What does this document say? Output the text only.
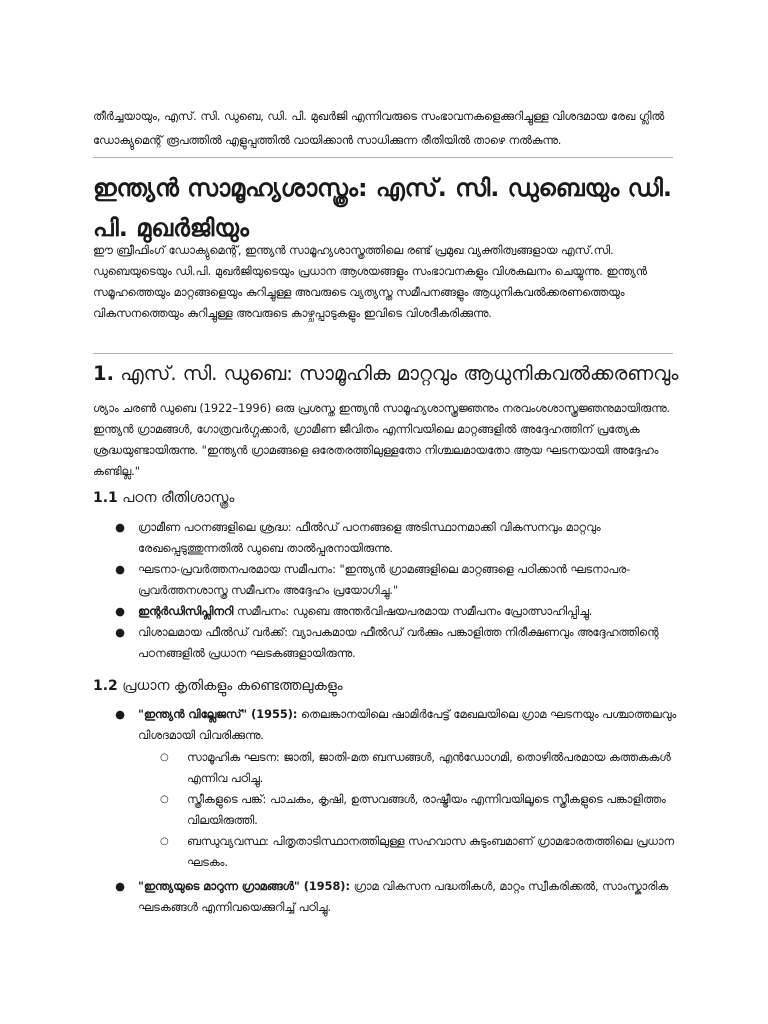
തീർച്ചയായും, എസ്. സി. ഡുബെ, ഡി. പി. മുഖർജി എന്നിവരുടെ സംഭാവനകളെക്കുറിച്ചുള്ള വിശദമായ രേഖ ഗ്ലിൽ ഡോക്യുമെന്റ് രൂപത്തിൽ എളുപ്പത്തിൽ വായിക്കാൻ സാധിക്കുന്ന രീതിയിൽ താഴെ നൽകുന്നു.

ഇന്ത്യൻ സാമൂഹ്യശാസ്ത്രം: എസ്. സി. ഡുബെയും ഡി. പി. മുഖർജിയും

ഈ ബ്രീഫിംഗ് ഡോക്യുമെന്റ്, ഇന്ത്യൻ സാമൂഹ്യശാസ്ത്രത്തിലെ രണ്ട് പ്രമുഖ വ്യക്തിത്വങ്ങളായ എസ്.സി. ഡുബെയുടെയും ഡി.പി. മുഖർജിയുടെയും പ്രധാന ആശയങ്ങളും സംഭാവനകളും വിശകലനം ചെയ്യുന്നു. ഇന്ത്യൻ സമൂഹത്തെയും മാറ്റങ്ങളെയും കുറിച്ചുള്ള അവരുടെ വ്യത്യസ്ത സമീപനങ്ങളും ആധുനികവൽക്കരണത്തെയും വികസനത്തെയും കുറിച്ചുള്ള അവരുടെ കാഴ്ചപ്പാടുകളും ഇവിടെ വിശദീകരിക്കുന്നു.

1. എസ്. സി. ഡുബെ: സാമൂഹിക മാറ്റവും ആധുനികവൽക്കരണവും

ശ്യാം ചരൺ ഡുബെ (1922–1996) ഒരു പ്രശസ്ത ഇന്ത്യൻ സാമൂഹ്യശാസ്ത്രജ്ഞനും നരവംശശാസ്ത്രജ്ഞനുമായിരുന്നു. ഇന്ത്യൻ ഗ്രാമങ്ങൾ, ഗോത്രവർഗ്ഗക്കാർ, ഗ്രാമീണ ജീവിതം എന്നിവയിലെ മാറ്റങ്ങളിൽ അദ്ദേഹത്തിന് പ്രത്യേക ശ്രദ്ധയുണ്ടായിരുന്നു. "ഇന്ത്യൻ ഗ്രാമങ്ങളെ ഒരേതരത്തിലുള്ളതോ നിശ്ചലമായതോ ആയ ഘടനയായി അദ്ദേഹം കണ്ടില്ല."

1.1 പഠന രീതിശാസ്ത്രം
● ഗ്രാമീണ പഠനങ്ങളിലെ ശ്രദ്ധ: ഫീൽഡ് പഠനങ്ങളെ അടിസ്ഥാനമാക്കി വികസനവും മാറ്റവും രേഖപ്പെടുത്തുന്നതിൽ ഡുബെ താൽപ്പരനായിരുന്നു.
● ഘടനാ-പ്രവർത്തനപരമായ സമീപനം: "ഇന്ത്യൻ ഗ്രാമങ്ങളിലെ മാറ്റങ്ങളെ പഠിക്കാൻ ഘടനാപര-പ്രവർത്തനശാസ്ത്ര സമീപനം അദ്ദേഹം പ്രയോഗിച്ചു."
● ഇന്റർഡിസിപ്ലിനറി സമീപനം: ഡുബെ അന്തർവിഷയപരമായ സമീപനം പ്രോത്സാഹിപ്പിച്ചു.
● വിശാലമായ ഫീൽഡ് വർക്ക്: വ്യാപകമായ ഫീൽഡ് വർക്കും പങ്കാളിത്ത നിരീക്ഷണവും അദ്ദേഹത്തിന്റെ പഠനങ്ങളിൽ പ്രധാന ഘടകങ്ങളായിരുന്നു.
1.2 പ്രധാന കൃതികളും കണ്ടെത്തലുകളും
● "ഇന്ത്യൻ വില്ലേജസ്" (1955): തെലങ്കാനയിലെ ഷാമിർപേട്ട് മേഖലയിലെ ഗ്രാമ ഘടനയും പശ്ചാത്തലവും വിശദമായി വിവരിക്കുന്നു.
○ സാമൂഹിക ഘടന: ജാതി, ജാതി-മത ബന്ധങ്ങൾ, എൻഡോഗമി, തൊഴിൽപരമായ കത്തകകൾ എന്നിവ പഠിച്ചു.
○ സ്ത്രീകളുടെ പങ്ക്: പാചകം, കൃഷി, ഉത്സവങ്ങൾ, രാഷ്ട്രീയം എന്നിവയിലൂടെ സ്ത്രീകളുടെ പങ്കാളിത്തം വിലയിരുത്തി.
○ ബന്ധുവ്യവസ്ഥ: പിതൃതാടിസ്ഥാനത്തിലുള്ള സഹവാസ കുടുംബമാണ് ഗ്രാമഭാരതത്തിലെ പ്രധാന ഘടകം.
● "ഇന്ത്യയുടെ മാറുന്ന ഗ്രാമങ്ങൾ" (1958): ഗ്രാമ വികസന പദ്ധതികൾ, മാറ്റം സ്വീകരിക്കൽ, സാംസ്കാരിക ഘടകങ്ങൾ എന്നിവയെക്കുറിച്ച് പഠിച്ചു.
